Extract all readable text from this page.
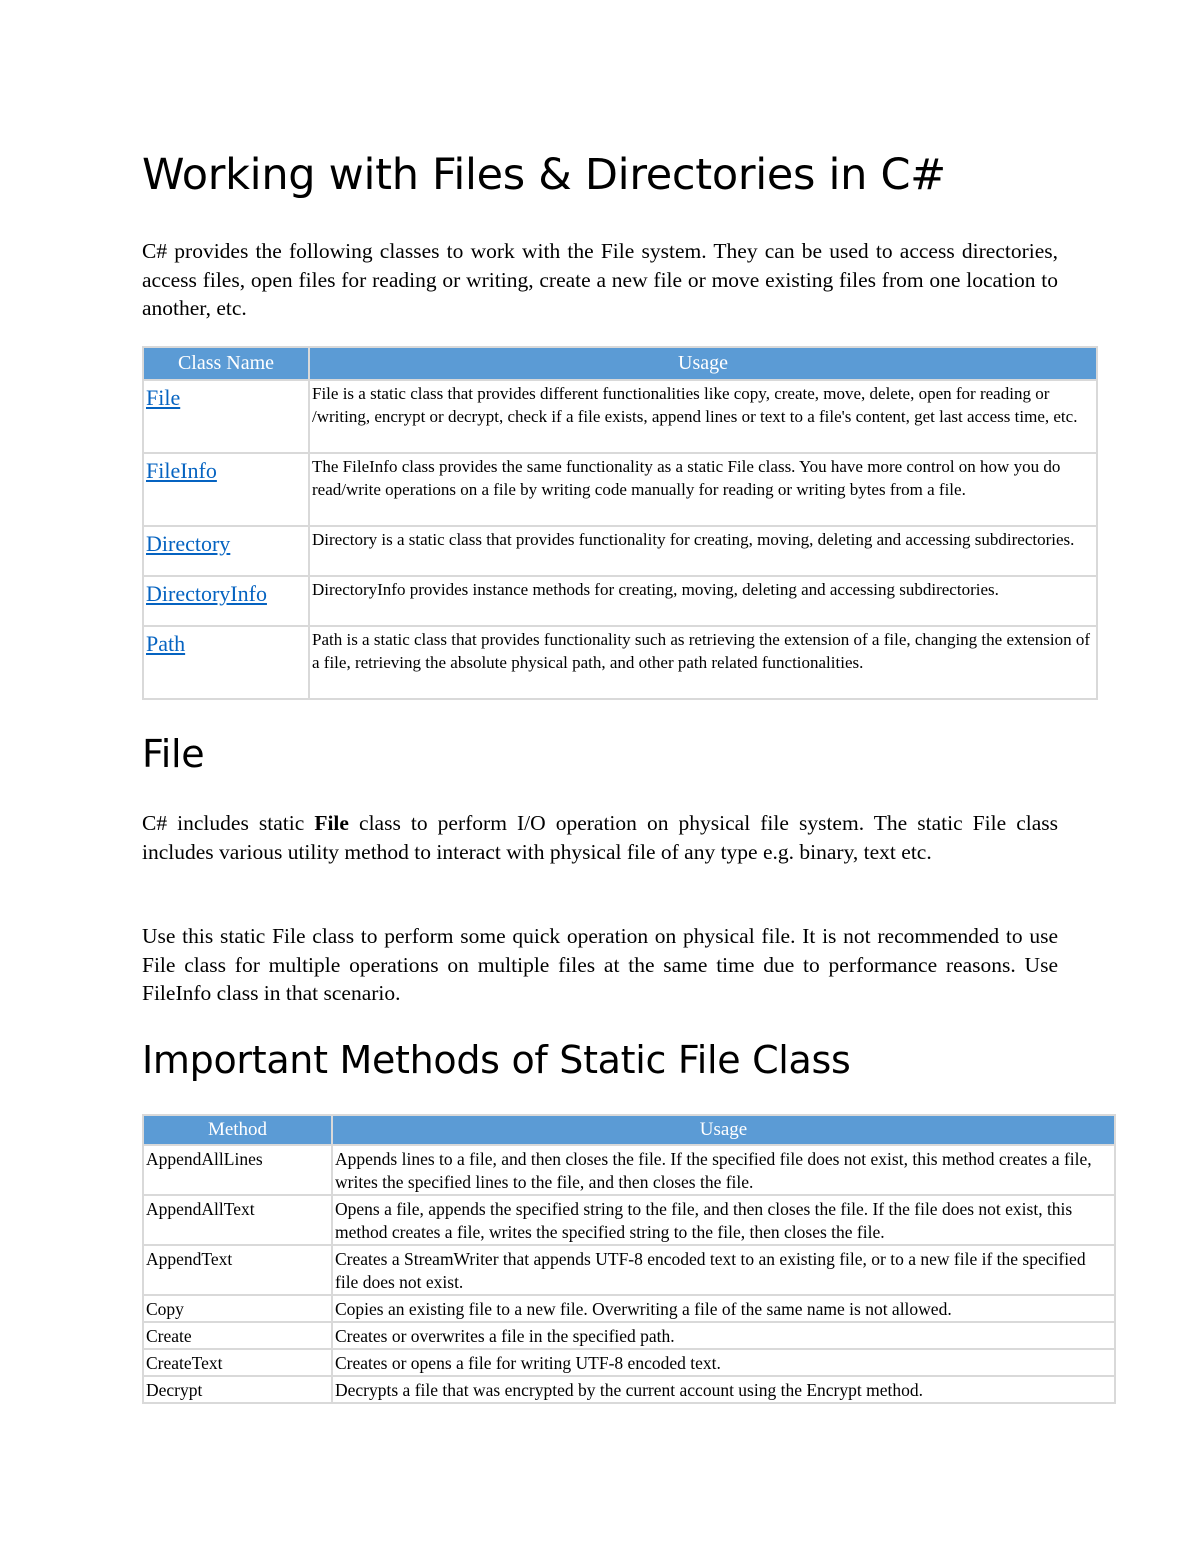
Working with Files & Directories in C#

C# provides the following classes to work with the File system. They can be used to access directories, access files, open files for reading or writing, create a new file or move existing files from one location to another, etc.

Class Name	Usage
File	File is a static class that provides different functionalities like copy, create, move, delete, open for reading or /writing, encrypt or decrypt, check if a file exists, append lines or text to a file's content, get last access time, etc.
FileInfo	The FileInfo class provides the same functionality as a static File class. You have more control on how you do read/write operations on a file by writing code manually for reading or writing bytes from a file.
Directory	Directory is a static class that provides functionality for creating, moving, deleting and accessing subdirectories.
DirectoryInfo	DirectoryInfo provides instance methods for creating, moving, deleting and accessing subdirectories.
Path	Path is a static class that provides functionality such as retrieving the extension of a file, changing the extension of a file, retrieving the absolute physical path, and other path related functionalities.
File

C# includes static File class to perform I/O operation on physical file system. The static File class includes various utility method to interact with physical file of any type e.g. binary, text etc.

Use this static File class to perform some quick operation on physical file. It is not recommended to use File class for multiple operations on multiple files at the same time due to performance reasons. Use FileInfo class in that scenario.

Important Methods of Static File Class
Method	Usage
AppendAllLines	Appends lines to a file, and then closes the file. If the specified file does not exist, this method creates a file, writes the specified lines to the file, and then closes the file.
AppendAllText	Opens a file, appends the specified string to the file, and then closes the file. If the file does not exist, this method creates a file, writes the specified string to the file, then closes the file.
AppendText	Creates a StreamWriter that appends UTF-8 encoded text to an existing file, or to a new file if the specified file does not exist.
Copy	Copies an existing file to a new file. Overwriting a file of the same name is not allowed.
Create	Creates or overwrites a file in the specified path.
CreateText	Creates or opens a file for writing UTF-8 encoded text.
Decrypt	Decrypts a file that was encrypted by the current account using the Encrypt method.
